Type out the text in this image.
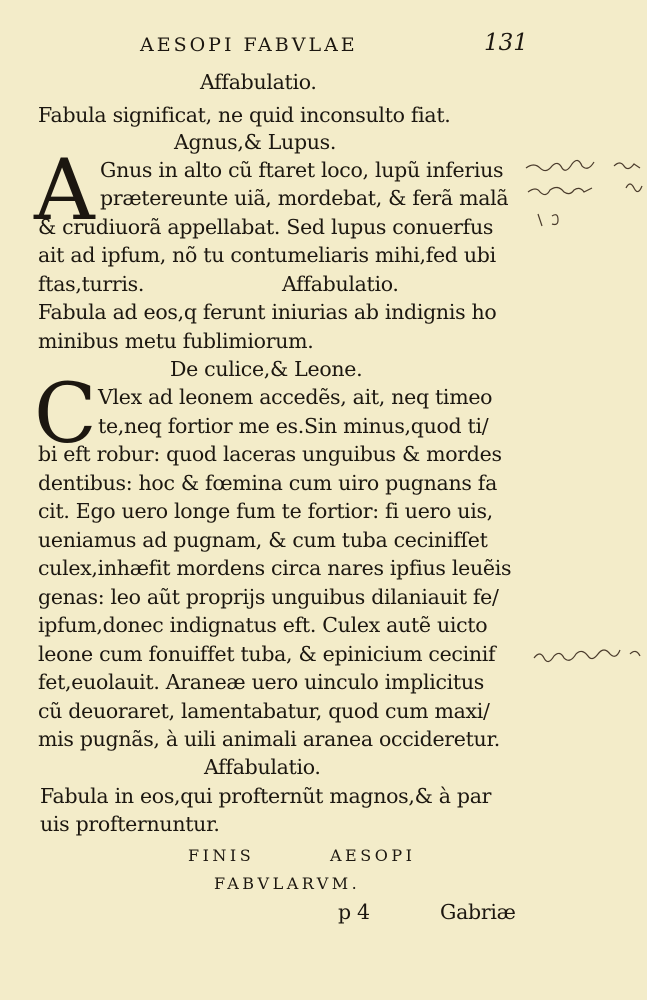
AESOPI FABVLAE	131
Affabulatio.
Fabula significat, ne quid inconsulto fiat.
Agnus,& Lupus.
A Gnus in alto cũ ftaret loco, lupũ inferius
prætereunte uiã, mordebat, & ferã malã
& crudiuorã appellabat. Sed lupus conuerfus
ait ad ipfum, nõ tu contumeliaris mihi,fed ubi
ftas,turris.	Affabulatio.
Fabula ad eos,q ferunt iniurias ab indignis ho
minibus metu fublimiorum.
De culice,& Leone.
C Vlex ad leonem accedẽs, ait, neq timeo
te,neq fortior me es.Sin minus,quod ti/
bi eft robur: quod laceras unguibus & mordes
dentibus: hoc & fœmina cum uiro pugnans fa
cit. Ego uero longe fum te fortior: fi uero uis,
ueniamus ad pugnam, & cum tuba cecinifſet
culex,inhæfit mordens circa nares ipfius leuẽis
genas: leo aũt proprijs unguibus dilaniauit fe/
ipfum,donec indignatus eft. Culex autẽ uicto
leone cum fonuiffet tuba, & epinicium cecinif
fet,euolauit. Araneæ uero uinculo implicitus
cũ deuoraret, lamentabatur, quod cum maxi/
mis pugnãs, à uili animali aranea occideretur.
Affabulatio.
Fabula in eos,qui profternũt magnos,& à par
uis profternuntur.
FINIS	AESOPI
FABVLARVM.
p 4	Gabriæ
